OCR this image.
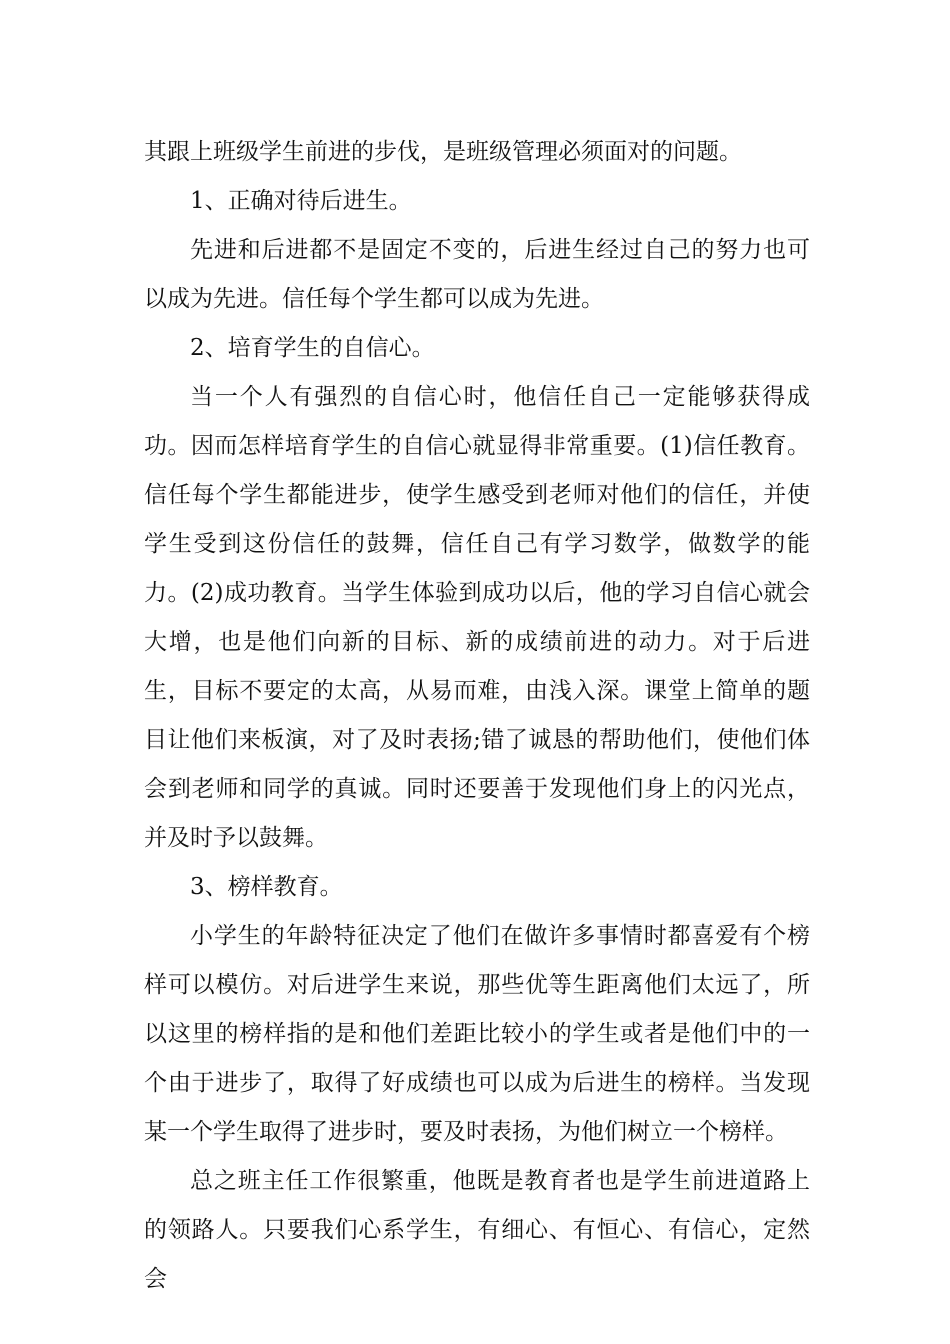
其跟上班级学生前进的步伐，是班级管理必须面对的问题。

1、正确对待后进生。

先进和后进都不是固定不变的，后进生经过自己的努力也可以成为先进。信任每个学生都可以成为先进。

2、培育学生的自信心。

当一个人有强烈的自信心时，他信任自己一定能够获得成功。因而怎样培育学生的自信心就显得非常重要。(1)信任教育。信任每个学生都能进步，使学生感受到老师对他们的信任，并使学生受到这份信任的鼓舞，信任自己有学习数学，做数学的能力。(2)成功教育。当学生体验到成功以后，他的学习自信心就会大增，也是他们向新的目标、新的成绩前进的动力。对于后进生，目标不要定的太高，从易而难，由浅入深。课堂上简单的题目让他们来板演，对了及时表扬;错了诚恳的帮助他们，使他们体会到老师和同学的真诚。同时还要善于发现他们身上的闪光点，并及时予以鼓舞。

3、榜样教育。

小学生的年龄特征决定了他们在做许多事情时都喜爱有个榜样可以模仿。对后进学生来说，那些优等生距离他们太远了，所以这里的榜样指的是和他们差距比较小的学生或者是他们中的一个由于进步了，取得了好成绩也可以成为后进生的榜样。当发现某一个学生取得了进步时，要及时表扬，为他们树立一个榜样。

总之班主任工作很繁重，他既是教育者也是学生前进道路上的领路人。只要我们心系学生，有细心、有恒心、有信心，定然会
